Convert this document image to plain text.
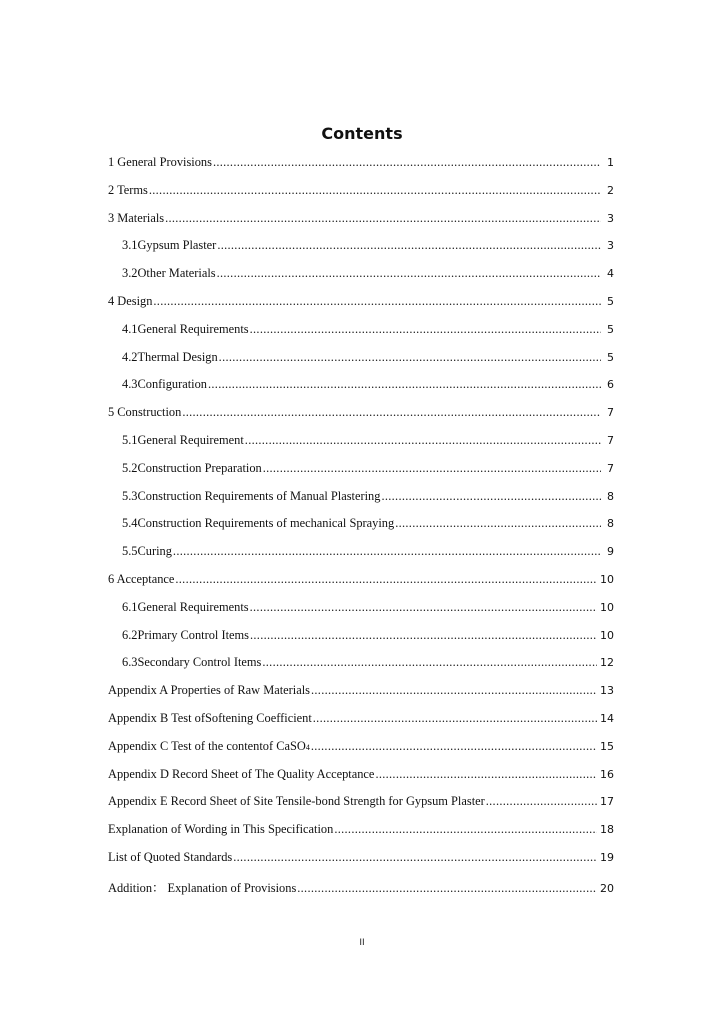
Contents
1 General Provisions .....	1
2 Terms .....	2
3 Materials .....	3
3.1Gypsum Plaster .....	3
3.2Other Materials .....	4
4 Design .....	5
4.1General Requirements .....	5
4.2Thermal Design .....	5
4.3Configuration .....	6
5 Construction .....	7
5.1General Requirement .....	7
5.2Construction Preparation .....	7
5.3Construction Requirements of Manual Plastering .....	8
5.4Construction Requirements of mechanical Spraying .....	8
5.5Curing .....	9
6 Acceptance .....	10
6.1General Requirements .....	10
6.2Primary Control Items .....	10
6.3Secondary Control Items .....	12
Appendix A Properties of Raw Materials .....	13
Appendix B Test ofSoftening Coefficient .....	14
Appendix C Test of the contentof CaSO 4 .....	15
Appendix D Record Sheet of The Quality Acceptance .....	16
Appendix E Record Sheet of Site Tensile-bond Strength for Gypsum Plaster .....	17
Explanation of Wording in This Specification .....	18
List of Quoted Standards .....	19
Addition： Explanation of Provisions .....	20
II
